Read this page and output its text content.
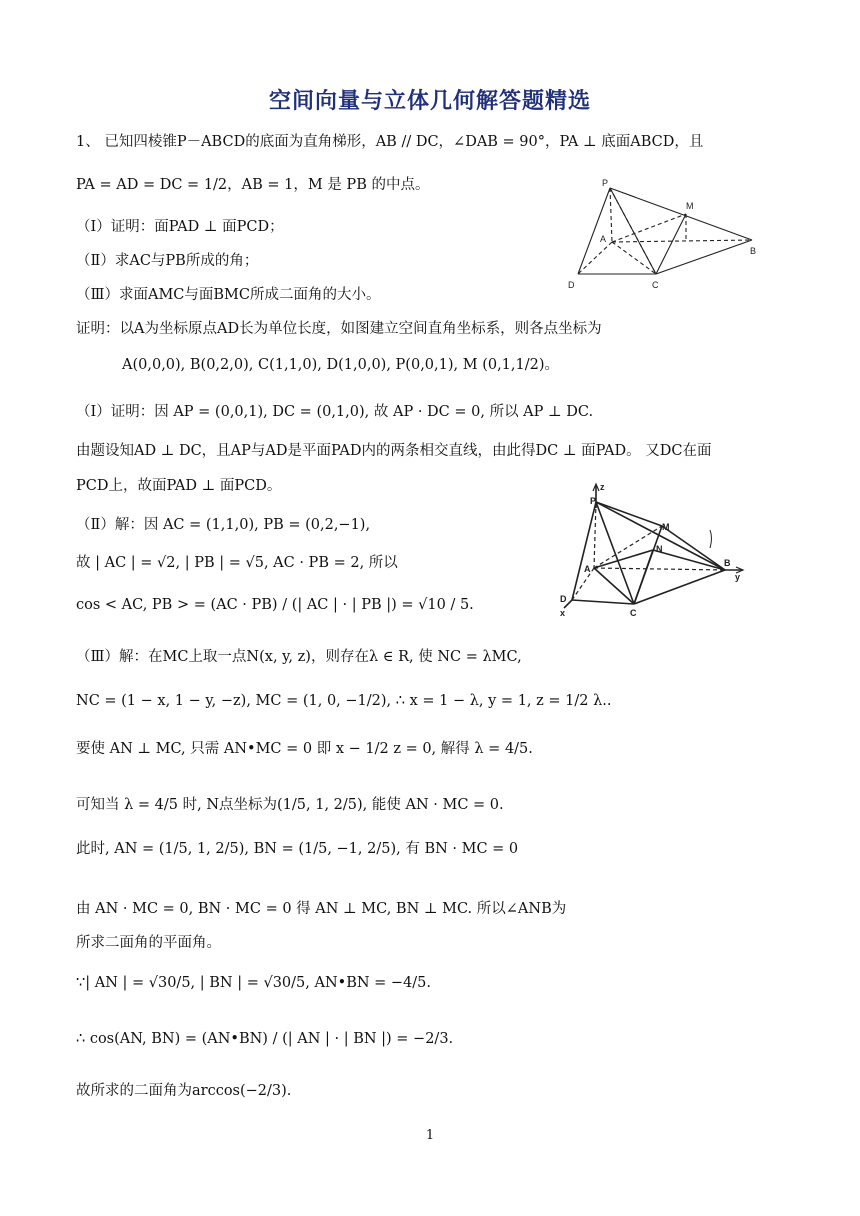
空间向量与立体几何解答题精选
1、 已知四棱锥P－ABCD的底面为直角梯形，AB // DC，∠DAB = 90°，PA ⊥ 底面ABCD，且
PA = AD = DC = 1/2，AB = 1，M 是 PB 的中点。
（Ⅰ）证明：面PAD ⊥ 面PCD；
（Ⅱ）求AC与PB所成的角；
（Ⅲ）求面AMC与面BMC所成二面角的大小。
证明：以A为坐标原点AD长为单位长度，如图建立空间直角坐标系，则各点坐标为
A(0,0,0), B(0,2,0), C(1,1,0), D(1,0,0), P(0,0,1), M (0,1,1/2)。
（Ⅰ）证明：因 AP = (0,0,1), DC = (0,1,0), 故 AP · DC = 0, 所以 AP ⊥ DC.
由题设知AD ⊥ DC，且AP与AD是平面PAD内的两条相交直线，由此得DC ⊥ 面PAD。 又DC在面
PCD上，故面PAD ⊥ 面PCD。
（Ⅱ）解：因 AC = (1,1,0), PB = (0,2,−1),
故 | AC | = √2, | PB | = √5, AC · PB = 2, 所以
cos < AC, PB > = (AC · PB) / (| AC | · | PB |) = √10 / 5.
（Ⅲ）解：在MC上取一点N(x, y, z)，则存在λ ∈ R, 使 NC = λMC,
NC = (1 − x, 1 − y, −z), MC = (1, 0, −1/2), ∴ x = 1 − λ, y = 1, z = 1/2 λ..
要使 AN ⊥ MC, 只需 AN•MC = 0 即 x − 1/2 z = 0, 解得 λ = 4/5.
可知当 λ = 4/5 时, N点坐标为(1/5, 1, 2/5), 能使 AN · MC = 0.
此时, AN = (1/5, 1, 2/5), BN = (1/5, −1, 2/5), 有 BN · MC = 0
由 AN · MC = 0, BN · MC = 0 得 AN ⊥ MC, BN ⊥ MC. 所以∠ANB为
所求二面角的平面角。
∵| AN | = √30/5, | BN | = √30/5, AN•BN = −4/5.
∴ cos(AN, BN) = (AN•BN) / (| AN | · | BN |) = −2/3.
故所求的二面角为arccos(−2/3).
P
M
A
B
C
D
P
z
M
N
A
B
y
C
D
x
1
